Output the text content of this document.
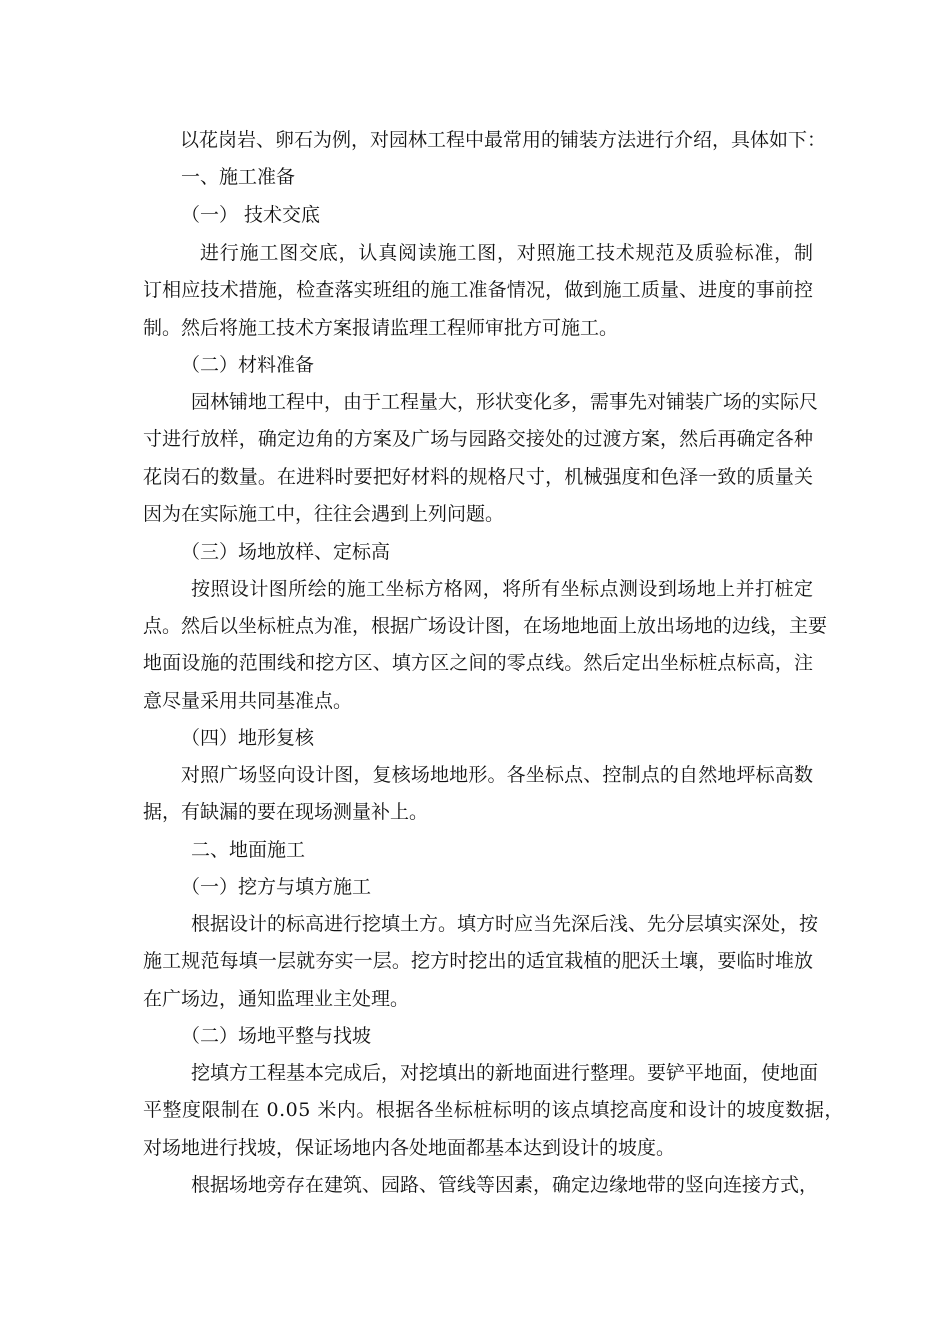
以花岗岩、卵石为例，对园林工程中最常用的铺装方法进行介绍，具体如下：
一、施工准备
（一） 技术交底
进行施工图交底，认真阅读施工图，对照施工技术规范及质验标准，制
订相应技术措施，检查落实班组的施工准备情况，做到施工质量、进度的事前控
制。然后将施工技术方案报请监理工程师审批方可施工。
（二）材料准备
园林铺地工程中，由于工程量大，形状变化多，需事先对铺装广场的实际尺
寸进行放样，确定边角的方案及广场与园路交接处的过渡方案，然后再确定各种
花岗石的数量。在进料时要把好材料的规格尺寸，机械强度和色泽一致的质量关
因为在实际施工中，往往会遇到上列问题。
（三）场地放样、定标高
按照设计图所绘的施工坐标方格网，将所有坐标点测设到场地上并打桩定
点。然后以坐标桩点为准，根据广场设计图，在场地地面上放出场地的边线，主要
地面设施的范围线和挖方区、填方区之间的零点线。然后定出坐标桩点标高，注
意尽量采用共同基准点。
（四）地形复核
对照广场竖向设计图，复核场地地形。各坐标点、控制点的自然地坪标高数
据，有缺漏的要在现场测量补上。
二、地面施工
（一）挖方与填方施工
根据设计的标高进行挖填土方。填方时应当先深后浅、先分层填实深处，按
施工规范每填一层就夯实一层。挖方时挖出的适宜栽植的肥沃土壤，要临时堆放
在广场边，通知监理业主处理。
（二）场地平整与找坡
挖填方工程基本完成后，对挖填出的新地面进行整理。要铲平地面，使地面
平整度限制在 0.05 米内。根据各坐标桩标明的该点填挖高度和设计的坡度数据，
对场地进行找坡，保证场地内各处地面都基本达到设计的坡度。
根据场地旁存在建筑、园路、管线等因素，确定边缘地带的竖向连接方式，
